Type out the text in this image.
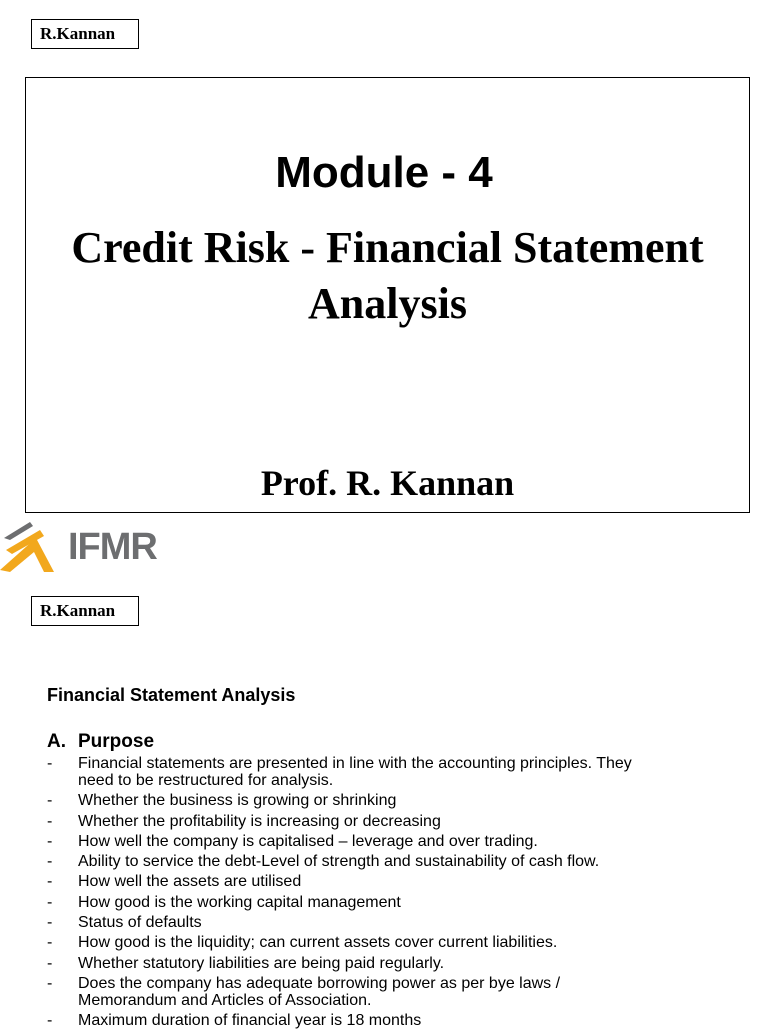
R.Kannan
Module - 4
Credit Risk - Financial Statement
Analysis
Prof. R. Kannan
IFMR
R.Kannan
Financial Statement Analysis
A. Purpose
- Financial statements are presented in line with the accounting principles. They
need to be restructured for analysis.
- Whether the business is growing or shrinking
- Whether the profitability is increasing or decreasing
- How well the company is capitalised – leverage and over trading.
- Ability to service the debt-Level of strength and sustainability of cash flow.
- How well the assets are utilised
- How good is the working capital management
- Status of defaults
- How good is the liquidity; can current assets cover current liabilities.
- Whether statutory liabilities are being paid regularly.
- Does the company has adequate borrowing power as per bye laws /
Memorandum and Articles of Association.
- Maximum duration of financial year is 18 months
